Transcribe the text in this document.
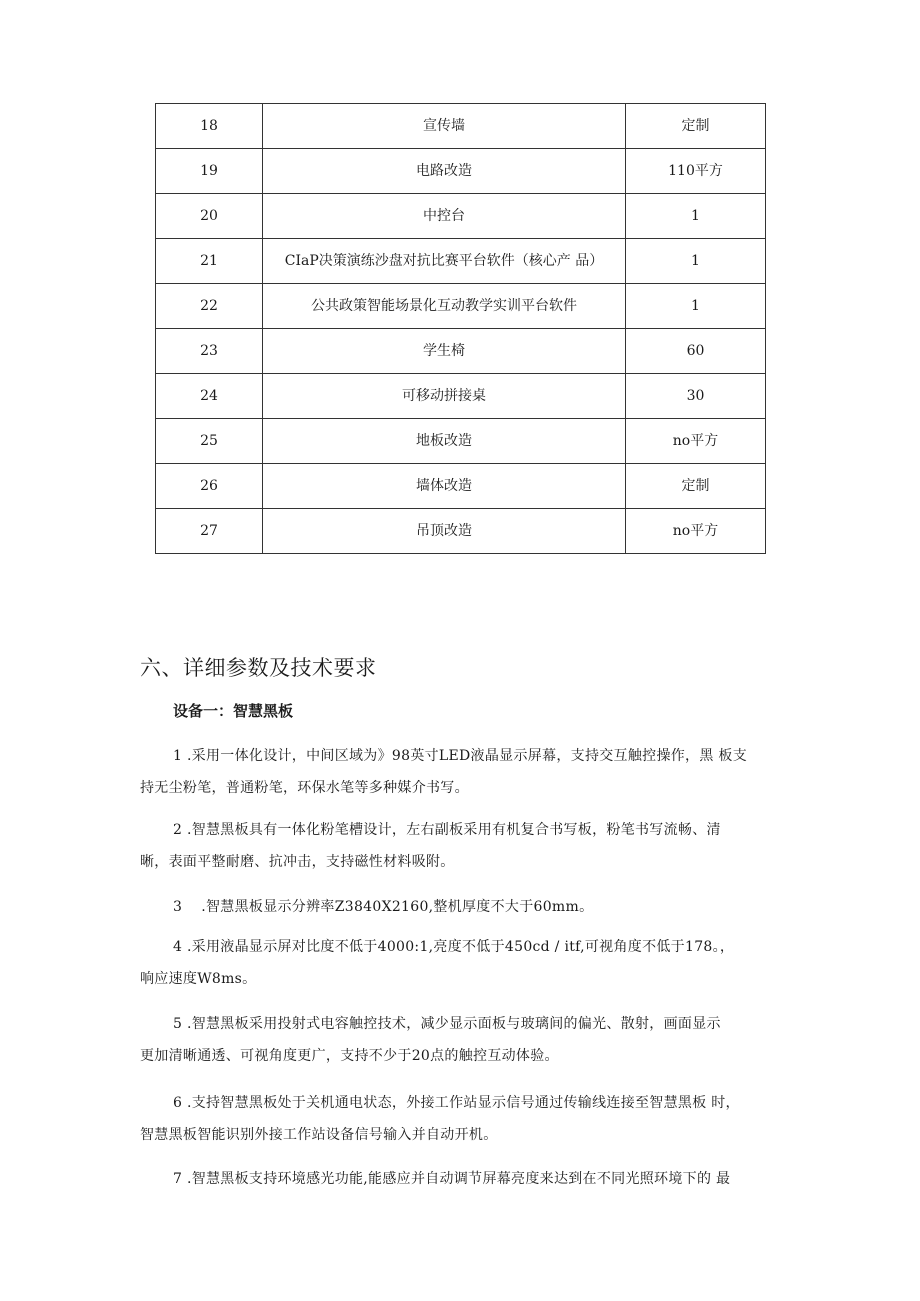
18	宣传墙	定制
19	电路改造	110平方
20	中控台	1
21	CIaP决策演练沙盘对抗比赛平台软件（核心产 品）	1
22	公共政策智能场景化互动教学实训平台软件	1
23	学生椅	60
24	可移动拼接桌	30
25	地板改造	no平方
26	墙体改造	定制
27	吊顶改造	no平方
六、详细参数及技术要求
设备一：智慧黑板
1 .采用一体化设计，中间区域为》98英寸LED液晶显示屏幕，支持交互触控操作，黑 板支
持无尘粉笔，普通粉笔，环保水笔等多种媒介书写。
2 .智慧黑板具有一体化粉笔槽设计，左右副板采用有机复合书写板，粉笔书写流畅、清
晰，表面平整耐磨、抗冲击，支持磁性材料吸附。
3 　.智慧黑板显示分辨率Z3840X2160,整机厚度不大于60mm。
4 .采用液晶显示屏对比度不低于4000:1,亮度不低于450cd / itf,可视角度不低于178。，
响应速度W8ms。
5 .智慧黑板采用投射式电容触控技术，减少显示面板与玻璃间的偏光、散射，画面显示
更加清晰通透、可视角度更广，支持不少于20点的触控互动体验。
6 .支持智慧黑板处于关机通电状态，外接工作站显示信号通过传输线连接至智慧黑板 时，
智慧黑板智能识别外接工作站设备信号输入并自动开机。
7 .智慧黑板支持环境感光功能,能感应并自动调节屏幕亮度来达到在不同光照环境下的 最
